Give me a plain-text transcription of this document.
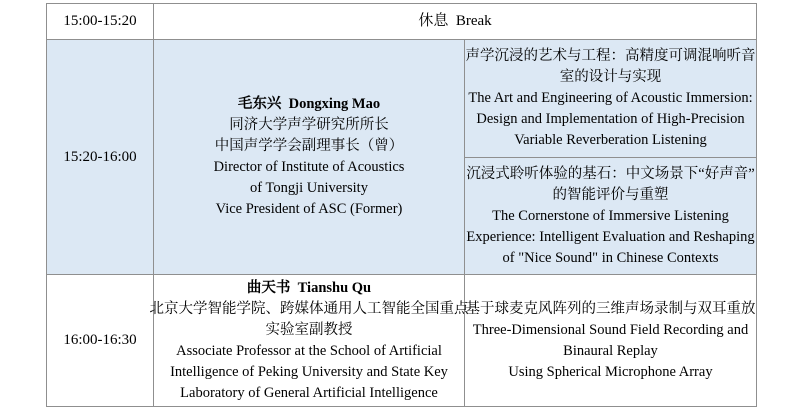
15:00-15:20	休息  Break
15:20-16:00
毛东兴  Dongxing Mao
同济大学声学研究所所长
中国声学学会副理事长（曾）
Director of Institute of Acoustics
of Tongji University
Vice President of ASC (Former)
声学沉浸的艺术与工程：高精度可调混响听音
室的设计与实现
The Art and Engineering of Acoustic Immersion:
Design and Implementation of High-Precision
Variable Reverberation Listening
沉浸式聆听体验的基石：中文场景下“好声音”
的智能评价与重塑
The Cornerstone of Immersive Listening
Experience: Intelligent Evaluation and Reshaping
of "Nice Sound" in Chinese Contexts
16:00-16:30
曲天书  Tianshu Qu
北京大学智能学院、跨媒体通用人工智能全国重点
实验室副教授
Associate Professor at the School of Artificial
Intelligence of Peking University and State Key
Laboratory of General Artificial Intelligence
基于球麦克风阵列的三维声场录制与双耳重放
Three-Dimensional Sound Field Recording and
Binaural Replay
Using Spherical Microphone Array
